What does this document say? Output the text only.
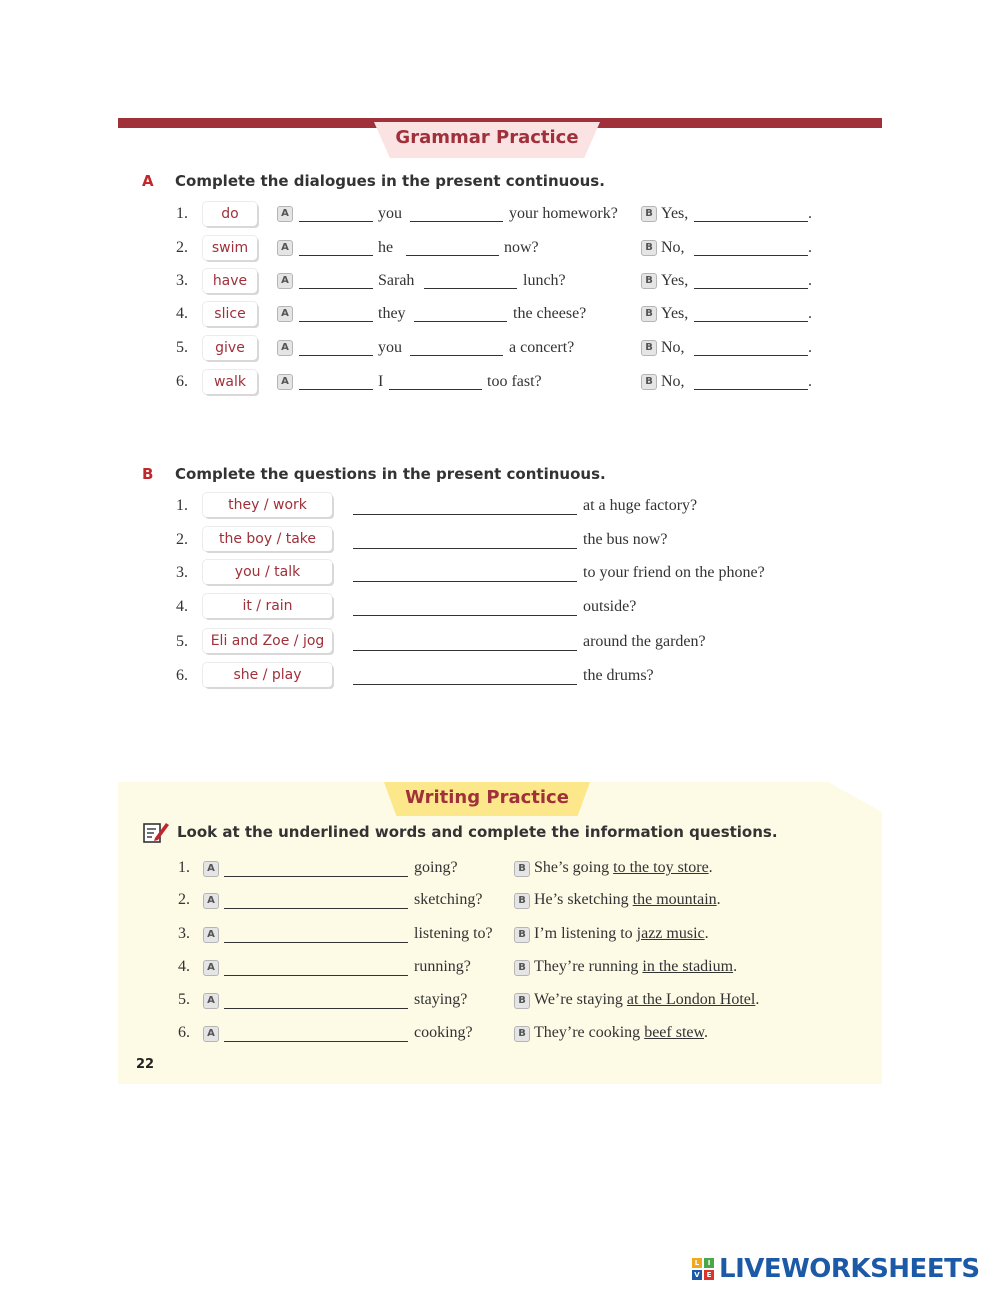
Grammar Practice
A Complete the dialogues in the present continuous.
1.	do	A	you	your homework?	B Yes,	.
2.	swim	A	he	now?	B No,	.
3.	have	A	Sarah	lunch?	B Yes,	.
4.	slice	A	they	the cheese?	B Yes,	.
5.	give	A	you	a concert?	B No,	.
6.	walk	A	I	too fast?	B No,	.
B Complete the questions in the present continuous.
1.	they / work	at a huge factory?
2.	the boy / take	the bus now?
3.	you / talk	to your friend on the phone?
4.	it / rain	outside?
5.	Eli and Zoe / jog	around the garden?
6.	she / play	the drums?
Writing Practice
Look at the underlined words and complete the information questions.
1.	A	going?	B She’s going to the toy store.
2.	A	sketching?	B He’s sketching the mountain.
3.	A	listening to?	B I’m listening to jazz music.
4.	A	running?	B They’re running in the stadium.
5.	A	staying?	B We’re staying at the London Hotel.
6.	A	cooking?	B They’re cooking beef stew.
22
L	I
V E LIVEWORKSHEETS
